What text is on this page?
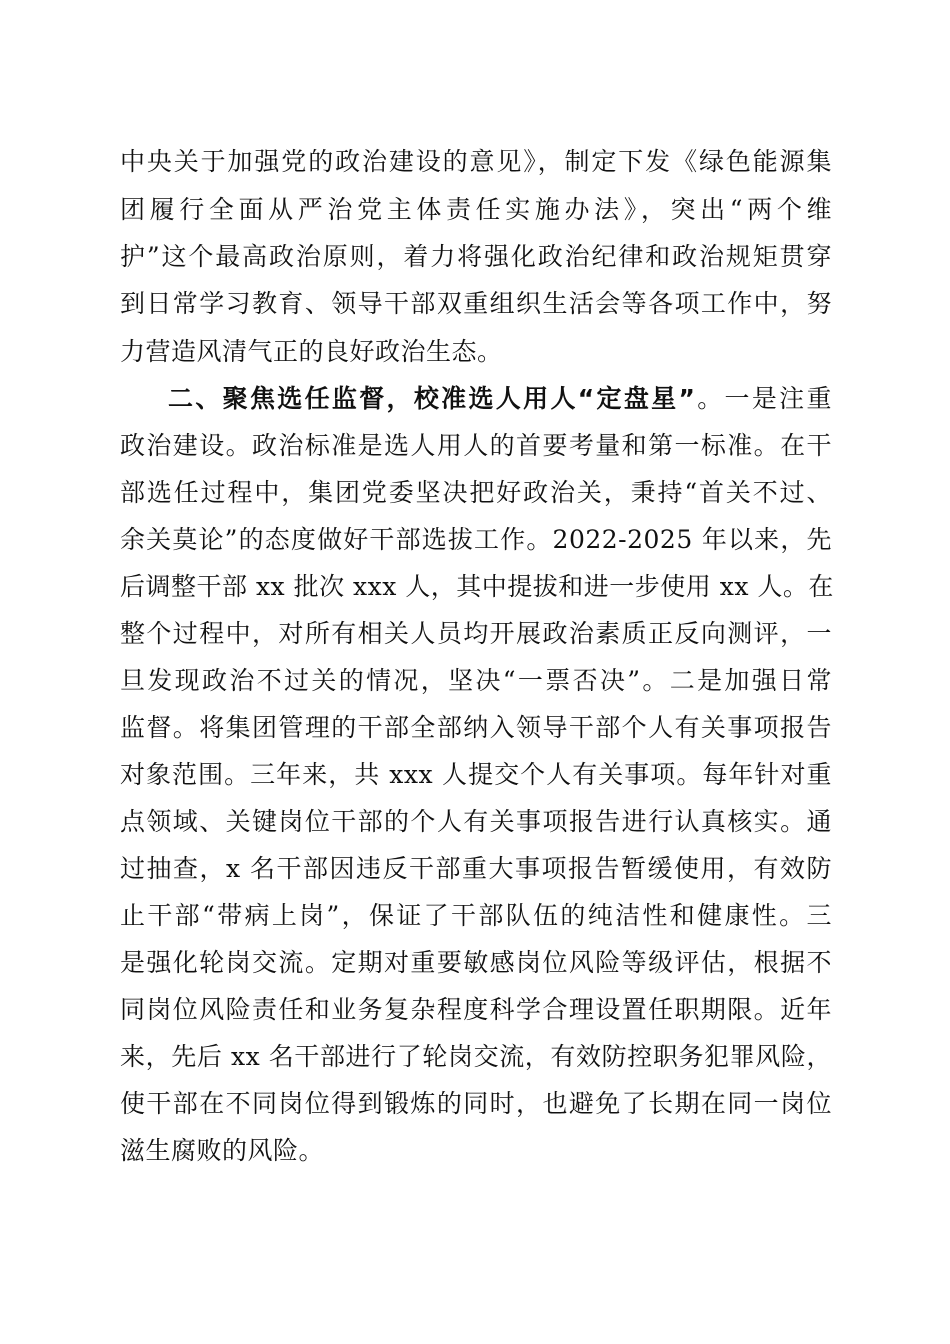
中央关于加强党的政治建设的意见》，制定下发《绿色能源集
团履行全面从严治党主体责任实施办法》，突出“两个维
护”这个最高政治原则，着力将强化政治纪律和政治规矩贯穿
到日常学习教育、领导干部双重组织生活会等各项工作中，努
力营造风清气正的良好政治生态。
二、聚焦选任监督，校准选人用人“定盘星”。一是注重
政治建设。政治标准是选人用人的首要考量和第一标准。在干
部选任过程中，集团党委坚决把好政治关，秉持“首关不过、
余关莫论”的态度做好干部选拔工作。2022-2025 年以来，先
后调整干部 xx 批次 xxx 人，其中提拔和进一步使用 xx 人。在
整个过程中，对所有相关人员均开展政治素质正反向测评，一
旦发现政治不过关的情况，坚决“一票否决”。二是加强日常
监督。将集团管理的干部全部纳入领导干部个人有关事项报告
对象范围。三年来，共 xxx 人提交个人有关事项。每年针对重
点领域、关键岗位干部的个人有关事项报告进行认真核实。通
过抽查，x 名干部因违反干部重大事项报告暂缓使用，有效防
止干部“带病上岗”，保证了干部队伍的纯洁性和健康性。三
是强化轮岗交流。定期对重要敏感岗位风险等级评估，根据不
同岗位风险责任和业务复杂程度科学合理设置任职期限。近年
来，先后 xx 名干部进行了轮岗交流，有效防控职务犯罪风险，
使干部在不同岗位得到锻炼的同时，也避免了长期在同一岗位
滋生腐败的风险。
